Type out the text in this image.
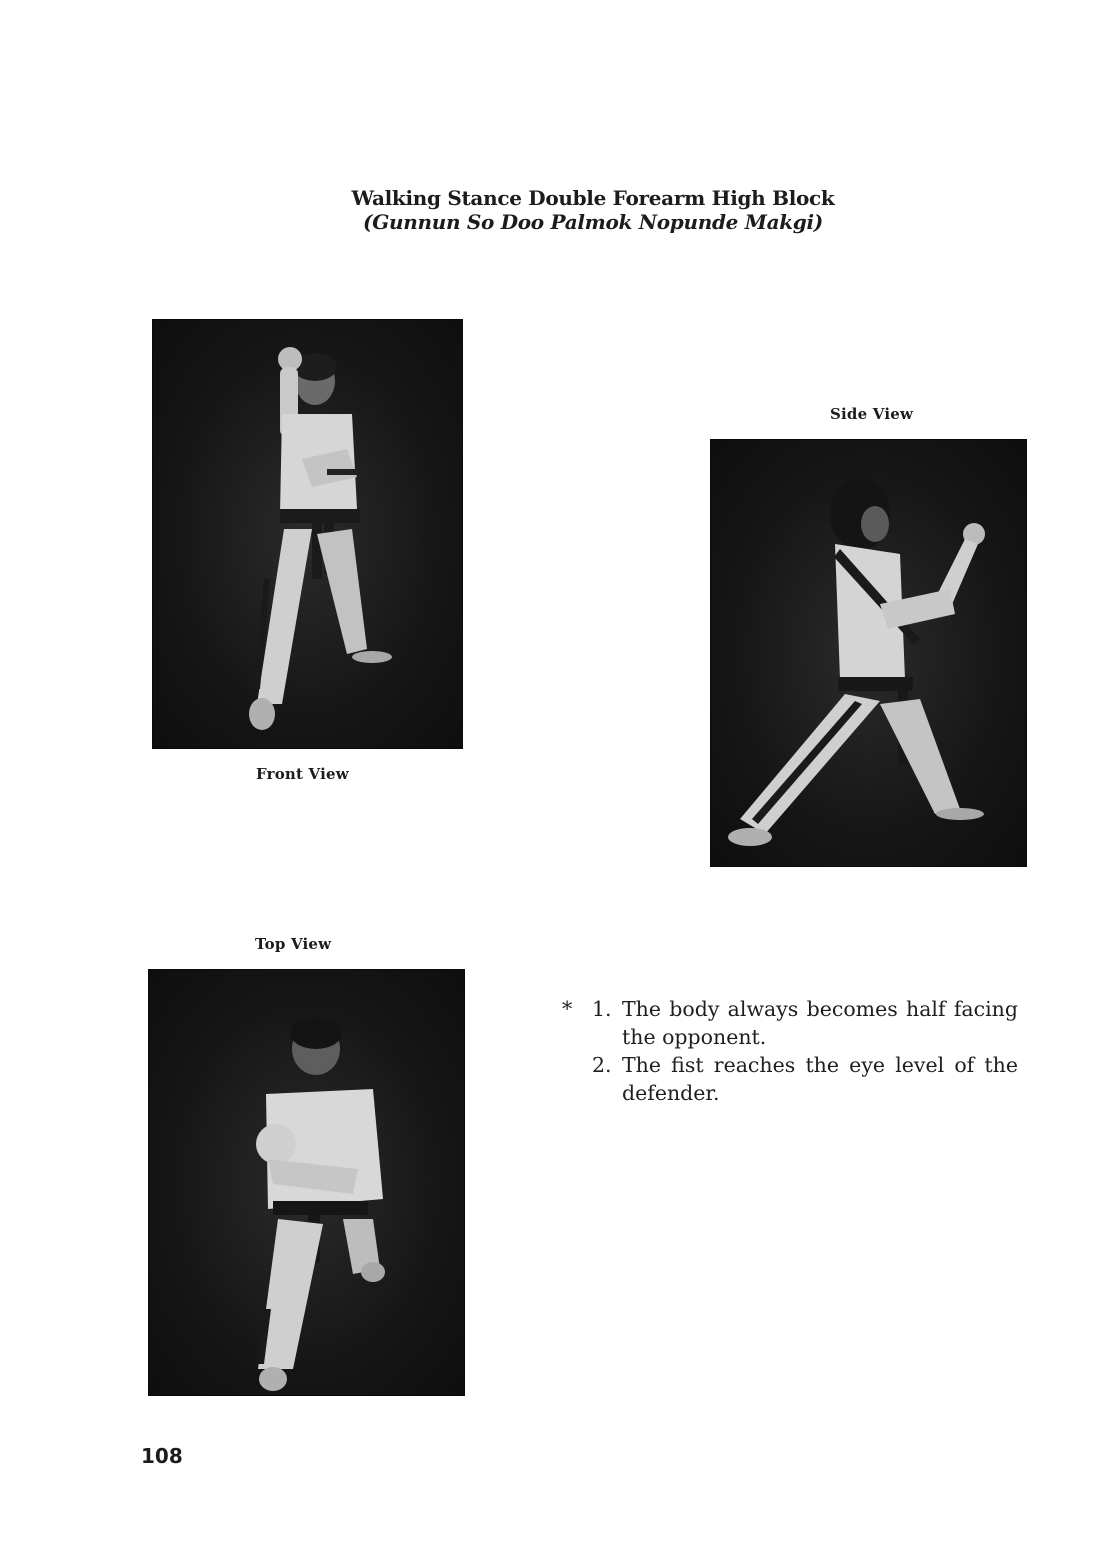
Walking Stance Double Forearm High Block
(Gunnun So Doo Palmok Nopunde Makgi)
Front View
Side View
Top View
* 1. The body always becomes half facing the opponent.
2. The fist reaches the eye level of the defender.
108
